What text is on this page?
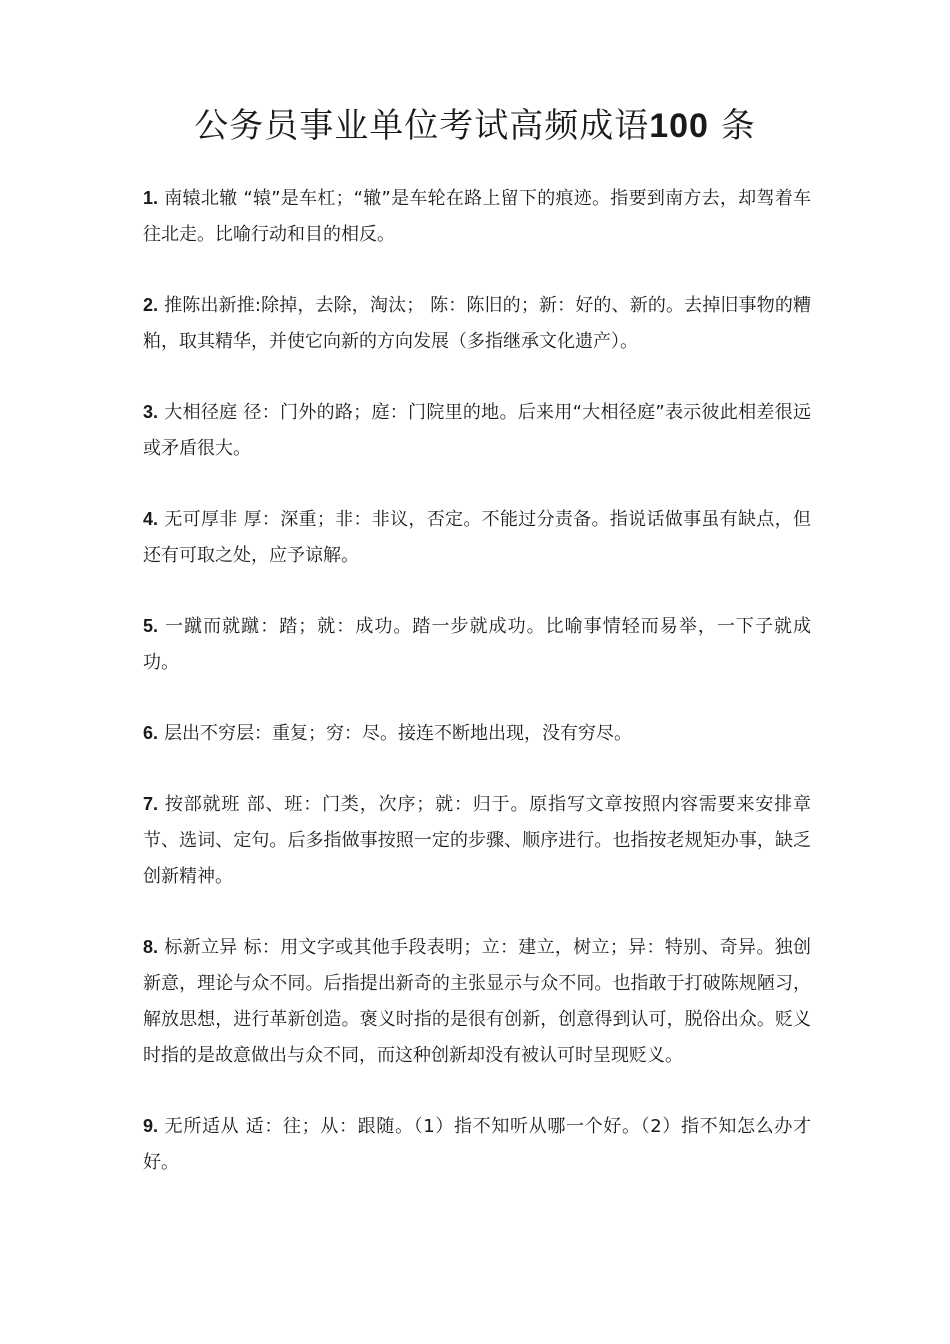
公务员事业单位考试高频成语100 条
1. 南辕北辙 “辕”是车杠；“辙”是车轮在路上留下的痕迹。指要到南方去，却驾着车往北走。比喻行动和目的相反。
2. 推陈出新推:除掉，去除，淘汰； 陈：陈旧的；新：好的、新的。去掉旧事物的糟粕，取其精华，并使它向新的方向发展（多指继承文化遗产）。
3. 大相径庭 径：门外的路；庭：门院里的地。后来用“大相径庭”表示彼此相差很远或矛盾很大。
4. 无可厚非 厚：深重；非：非议，否定。不能过分责备。指说话做事虽有缺点，但还有可取之处，应予谅解。
5. 一蹴而就蹴：踏；就：成功。踏一步就成功。比喻事情轻而易举，一下子就成功。
6. 层出不穷层：重复；穷：尽。接连不断地出现，没有穷尽。
7. 按部就班 部、班：门类，次序；就：归于。原指写文章按照内容需要来安排章节、选词、定句。后多指做事按照一定的步骤、顺序进行。也指按老规矩办事，缺乏创新精神。
8. 标新立异 标：用文字或其他手段表明；立：建立，树立；异：特别、奇异。独创新意，理论与众不同。后指提出新奇的主张显示与众不同。也指敢于打破陈规陋习，解放思想，进行革新创造。褒义时指的是很有创新，创意得到认可，脱俗出众。贬义时指的是故意做出与众不同，而这种创新却没有被认可时呈现贬义。
9. 无所适从 适：往；从：跟随。（1）指不知听从哪一个好。（2）指不知怎么办才好。
